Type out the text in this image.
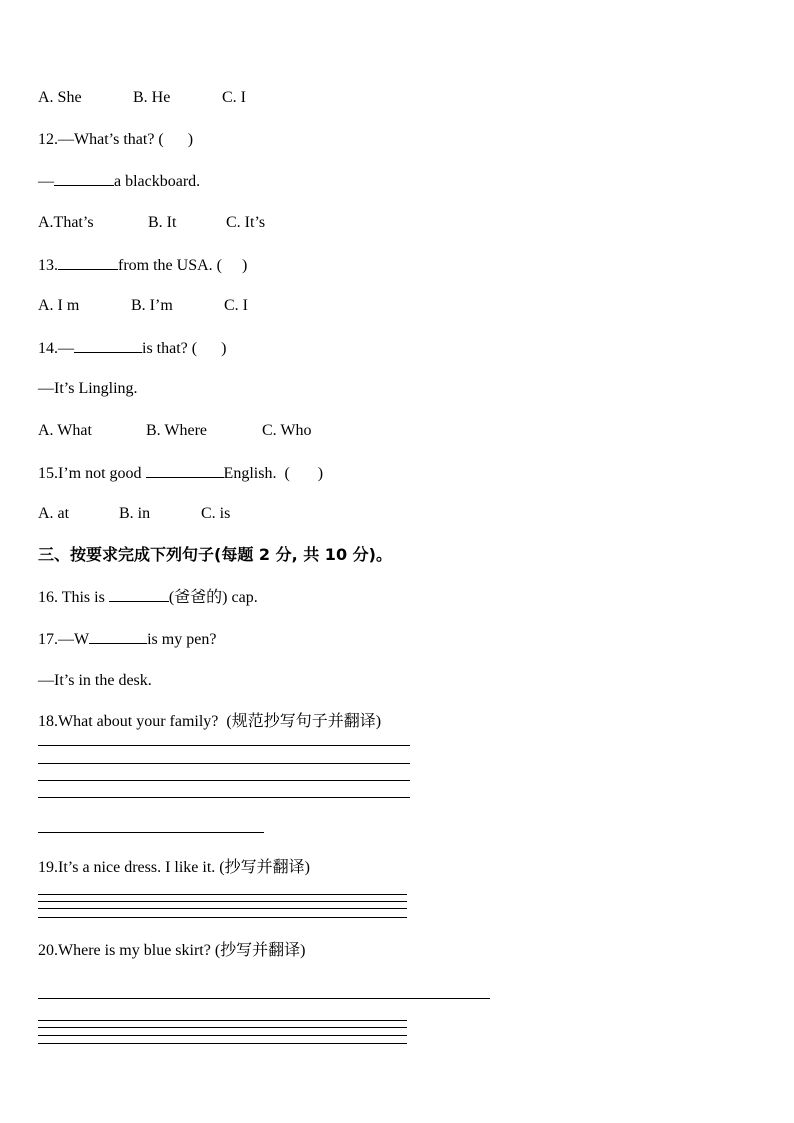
A. She	B. He	C. I
12.—What’s that? (      )
—	a blackboard.
A.That’s	B. It	C. It’s
13.	from the USA. (     )
A. I m	B. I’m	C. I
14.—	is that? (      )
—It’s Lingling.
A. What	B. Where	C. Who
15.I’m not good	English.  (       )
A. at	B. in	C. is
三、按要求完成下列句子(每题 2 分, 共 10 分)。
16. This is	(爸爸的) cap.
17.—W	is my pen?
—It’s in the desk.
18.What about your family?  (规范抄写句子并翻译)
19.It’s a nice dress. I like it. (抄写并翻译)
20.Where is my blue skirt? (抄写并翻译)
